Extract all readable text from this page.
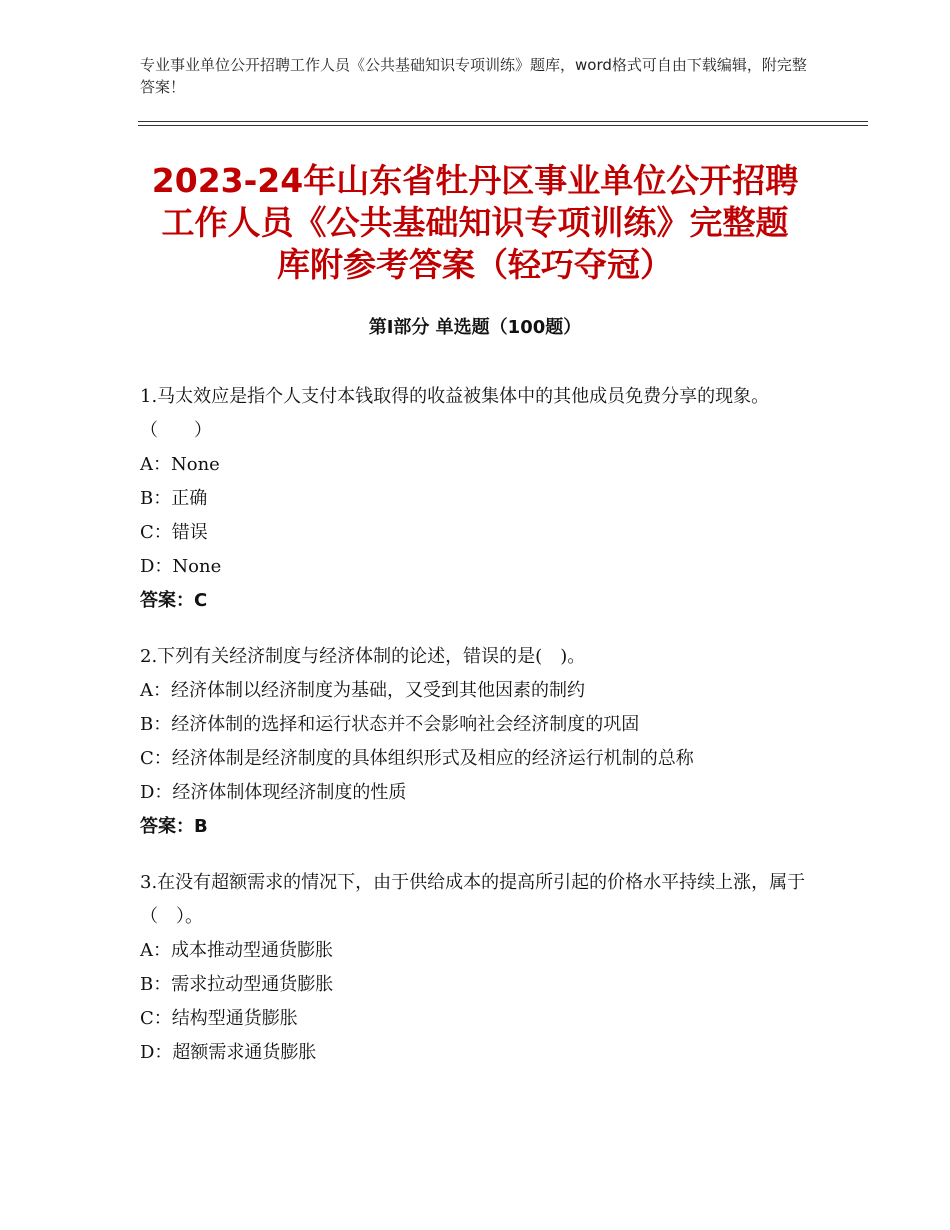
专业事业单位公开招聘工作人员《公共基础知识专项训练》题库，word格式可自由下载编辑，附完整答案！
2023-24年山东省牡丹区事业单位公开招聘
工作人员《公共基础知识专项训练》完整题
库附参考答案（轻巧夺冠）
第Ⅰ部分 单选题（100题）

1.马太效应是指个人支付本钱取得的收益被集体中的其他成员免费分享的现象。（　　）

A：None

B：正确

C：错误

D：None

答案：C

2.下列有关经济制度与经济体制的论述，错误的是(　)。

A：经济体制以经济制度为基础，又受到其他因素的制约

B：经济体制的选择和运行状态并不会影响社会经济制度的巩固

C：经济体制是经济制度的具体组织形式及相应的经济运行机制的总称

D：经济体制体现经济制度的性质

答案：B

3.在没有超额需求的情况下，由于供给成本的提高所引起的价格水平持续上涨，属于（　）。

A：成本推动型通货膨胀

B：需求拉动型通货膨胀

C：结构型通货膨胀

D：超额需求通货膨胀
